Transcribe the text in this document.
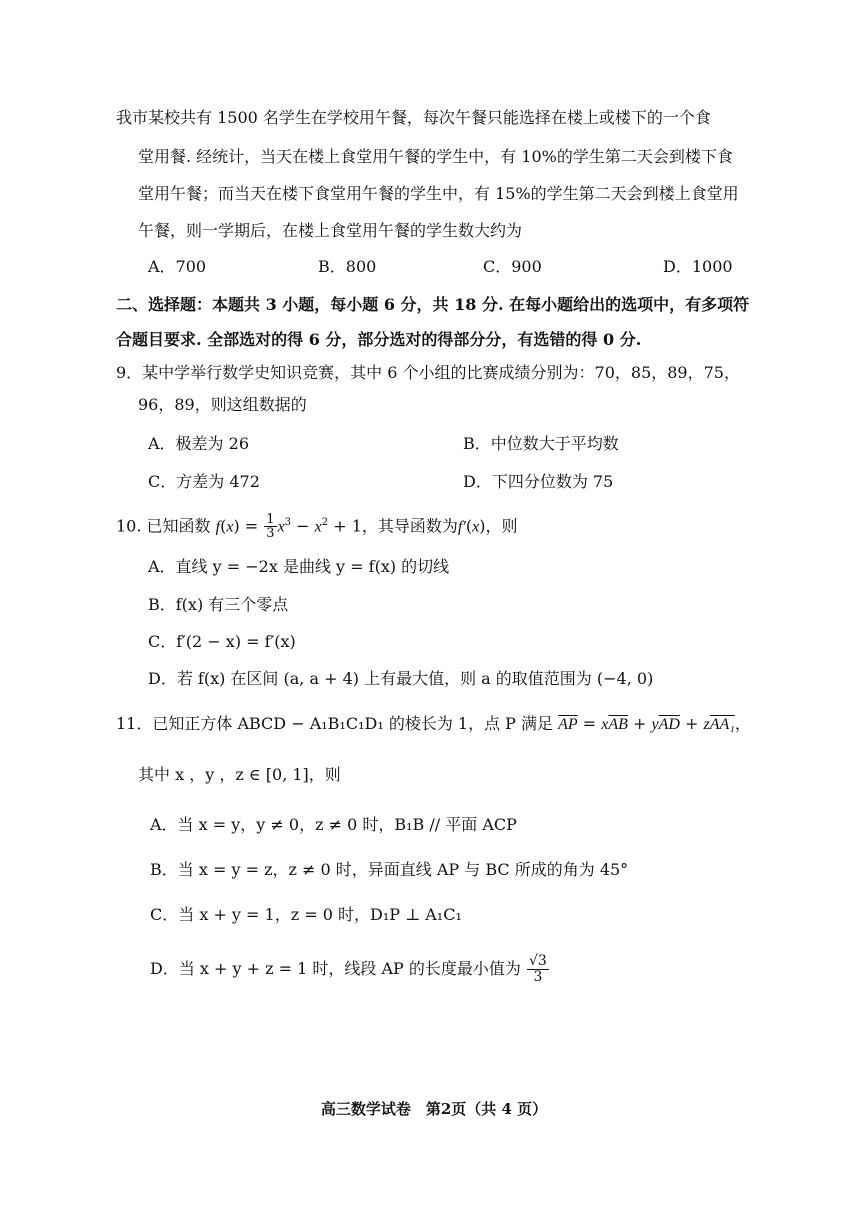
我市某校共有 1500 名学生在学校用午餐，每次午餐只能选择在楼上或楼下的一个食
堂用餐. 经统计，当天在楼上食堂用午餐的学生中，有 10%的学生第二天会到楼下食
堂用午餐；而当天在楼下食堂用午餐的学生中，有 15%的学生第二天会到楼上食堂用
午餐，则一学期后，在楼上食堂用午餐的学生数大约为
A．700	B．800	C．900	D．1000
二、选择题：本题共 3 小题，每小题 6 分，共 18 分. 在每小题给出的选项中，有多项符
合题目要求. 全部选对的得 6 分，部分选对的得部分分，有选错的得 0 分.
9．某中学举行数学史知识竞赛，其中 6 个小组的比赛成绩分别为：70，85，89，75，
96，89，则这组数据的
A．极差为 26	B．中位数大于平均数
C．方差为 472	D．下四分位数为 75
10. 已知函数 $f(x) = \frac{1}{3} x^3 - x^2 + 1$，其导函数为f′(x)，则
A．直线 y = −2x 是曲线 y = f(x) 的切线
B．f(x) 有三个零点
C．f′(2 − x) = f′(x)
D．若 f(x) 在区间 (a, a + 4) 上有最大值，则 a 的取值范围为 (−4, 0)
11．已知正方体 ABCD − A₁B₁C₁D₁ 的棱长为 1，点 P 满足 $\overline{AP} = x\overline{AB} + y\overline{AD} + zAA_1$，
其中 x ，y ，z ∈ [0, 1]，则
A．当 x = y，y ≠ 0，z ≠ 0 时，B₁B // 平面 ACP
B．当 x = y = z，z ≠ 0 时，异面直线 AP 与 BC 所成的角为 45°
C．当 x + y = 1，z = 0 时，D₁P ⊥ A₁C₁
D．当 x + y + z = 1 时，线段 AP 的长度最小值为 $\frac{√3}{3}$
高三数学试卷　第2页（共 4 页）
